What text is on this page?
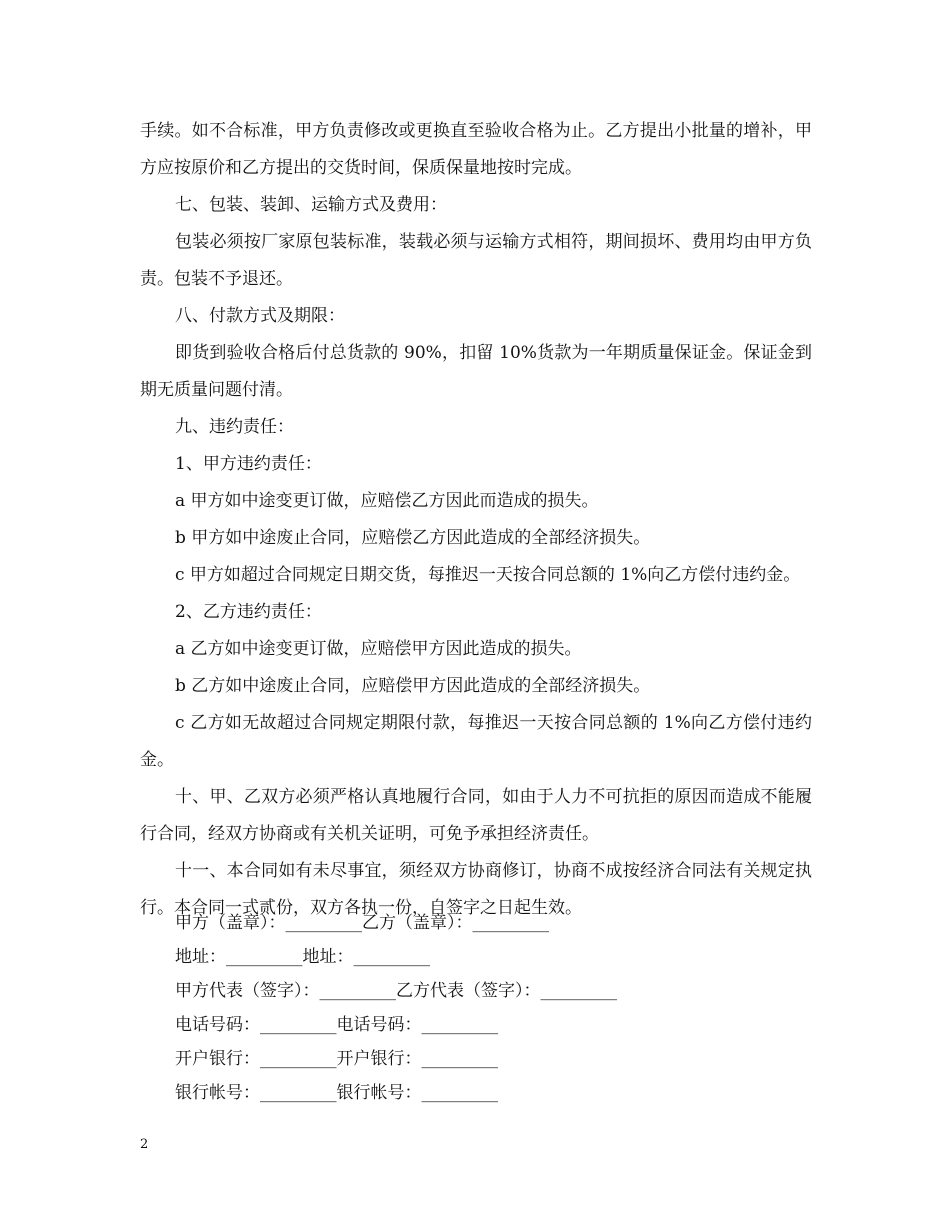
手续。如不合标准，甲方负责修改或更换直至验收合格为止。乙方提出小批量的增补，甲方应按原价和乙方提出的交货时间，保质保量地按时完成。

七、包装、装卸、运输方式及费用：

包装必须按厂家原包装标准，装载必须与运输方式相符，期间损坏、费用均由甲方负责。包装不予退还。

八、付款方式及期限：

即货到验收合格后付总货款的 90%，扣留 10%货款为一年期质量保证金。保证金到期无质量问题付清。

九、违约责任：

1、甲方违约责任：

a 甲方如中途变更订做，应赔偿乙方因此而造成的损失。

b 甲方如中途废止合同，应赔偿乙方因此造成的全部经济损失。

c 甲方如超过合同规定日期交货，每推迟一天按合同总额的 1%向乙方偿付违约金。

2、乙方违约责任：

a 乙方如中途变更订做，应赔偿甲方因此造成的损失。

b 乙方如中途废止合同，应赔偿甲方因此造成的全部经济损失。

c 乙方如无故超过合同规定期限付款，每推迟一天按合同总额的 1%向乙方偿付违约金。

十、甲、乙双方必须严格认真地履行合同，如由于人力不可抗拒的原因而造成不能履行合同，经双方协商或有关机关证明，可免予承担经济责任。

十一、本合同如有未尽事宜，须经双方协商修订，协商不成按经济合同法有关规定执行。本合同一式贰份，双方各执一份，自签字之日起生效。

甲方（盖章）：_________乙方（盖章）：_________
地址：_________地址：_________
甲方代表（签字）：_________乙方代表（签字）：_________
电话号码：_________电话号码：_________
开户银行：_________开户银行：_________
银行帐号：_________银行帐号：_________
2
